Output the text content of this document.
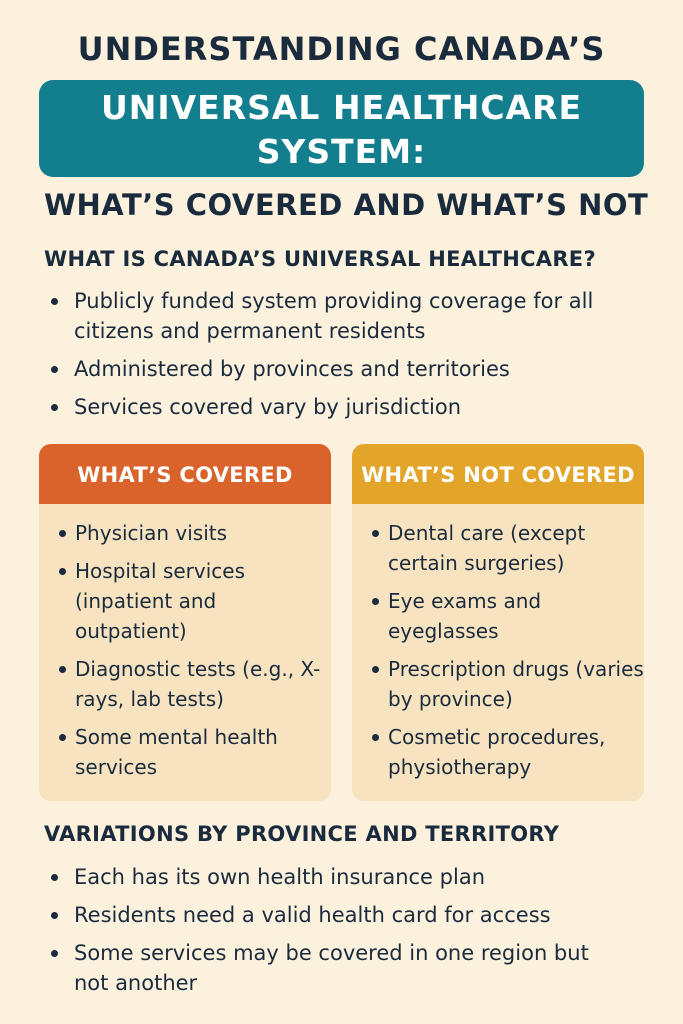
UNDERSTANDING CANADA’S
UNIVERSAL HEALTHCARE
SYSTEM:
WHAT’S COVERED AND WHAT’S NOT
WHAT IS CANADA’S UNIVERSAL HEALTHCARE?
Publicly funded system providing coverage for all citizens and permanent residents
Administered by provinces and territories
Services covered vary by jurisdiction
WHAT’S COVERED
Physician visits
Hospital services (inpatient and outpatient)
Diagnostic tests (e.g., X-rays, lab tests)
Some mental health services
WHAT’S NOT COVERED
Dental care (except certain surgeries)
Eye exams and eyeglasses
Prescription drugs (varies by province)
Cosmetic procedures, physiotherapy
VARIATIONS BY PROVINCE AND TERRITORY
Each has its own health insurance plan
Residents need a valid health card for access
Some services may be covered in one region but not another
